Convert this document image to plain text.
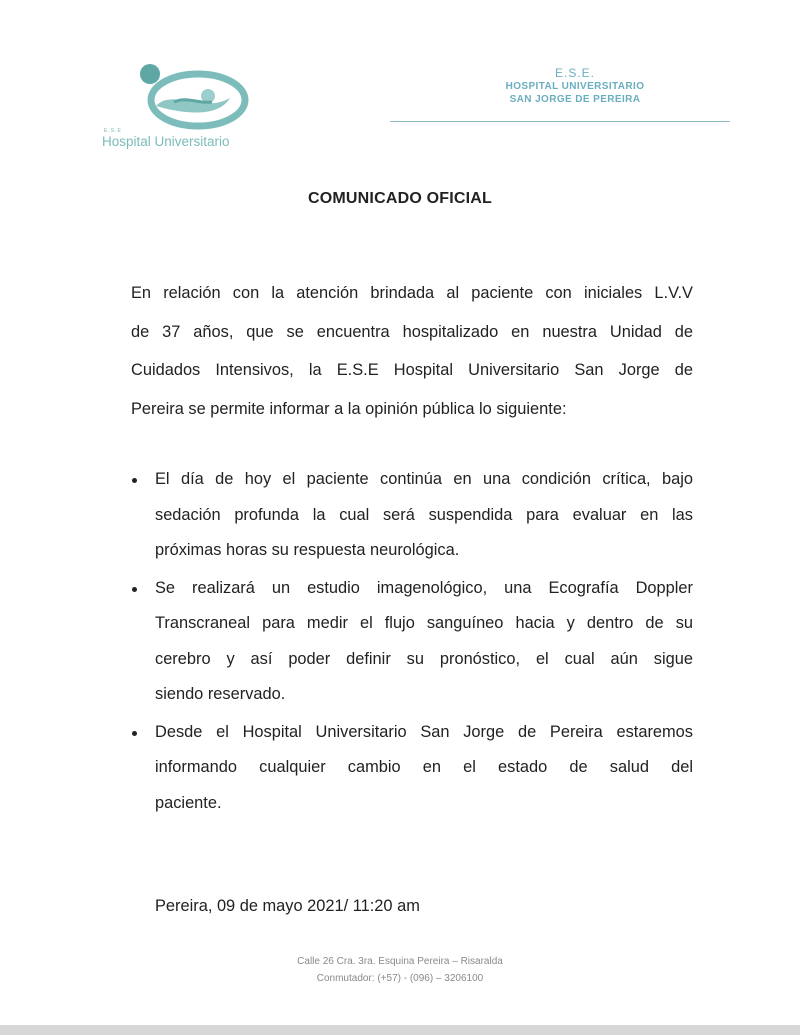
E.S.E
Hospital Universitario
E.S.E.
HOSPITAL UNIVERSITARIO
SAN JORGE DE PEREIRA
COMUNICADO OFICIAL
En relación con la atención brindada al paciente con iniciales L.V.V
de 37 años, que se encuentra hospitalizado en nuestra Unidad de
Cuidados Intensivos, la E.S.E Hospital Universitario San Jorge de
Pereira se permite informar a la opinión pública lo siguiente:
El día de hoy el paciente continúa en una condición crítica, bajo
sedación profunda la cual será suspendida para evaluar en las
próximas horas su respuesta neurológica.
Se realizará un estudio imagenológico, una Ecografía Doppler
Transcraneal para medir el flujo sanguíneo hacia y dentro de su
cerebro y así poder definir su pronóstico, el cual aún sigue
siendo reservado.
Desde el Hospital Universitario San Jorge de Pereira estaremos
informando cualquier cambio en el estado de salud del
paciente.
Pereira, 09 de mayo 2021/ 11:20 am
Calle 26 Cra. 3ra. Esquina Pereira – Risaralda
Conmutador: (+57) - (096) – 3206100
